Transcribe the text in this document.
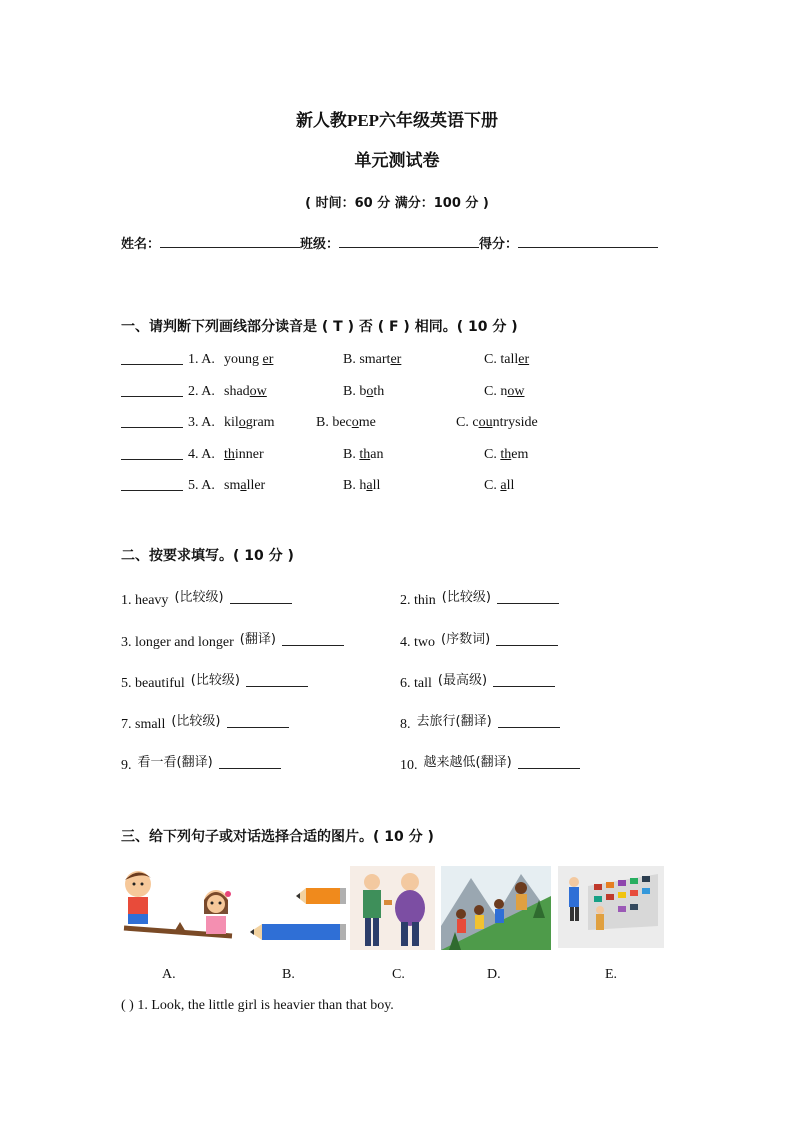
新人教PEP六年级英语下册
单元测试卷
( 时间：60 分 满分：100 分 )
姓名：	班级：	得分：
一、请判断下列画线部分读音是 ( T ) 否 ( F ) 相同。( 10 分 )
1. A. young er	B. smarter	C. taller
2. A. shadow	B. both	C. now
3. A. kilogram	B. become	C. countryside
4. A. thinner	B. than	C. them
5. A. smaller	B. hall	C. all
二、按要求填写。( 10 分 )
1. heavy (比较级)	2. thin (比较级)
3. longer and longer (翻译)	4. two (序数词)
5. beautiful (比较级)	6. tall (最高级)
7. small (比较级)	8. 去旅行(翻译)
9. 看一看(翻译)	10. 越来越低(翻译)
三、给下列句子或对话选择合适的图片。( 10 分 )
A.	B.	C.	D.	E.
( ) 1. Look, the little girl is heavier than that boy.
